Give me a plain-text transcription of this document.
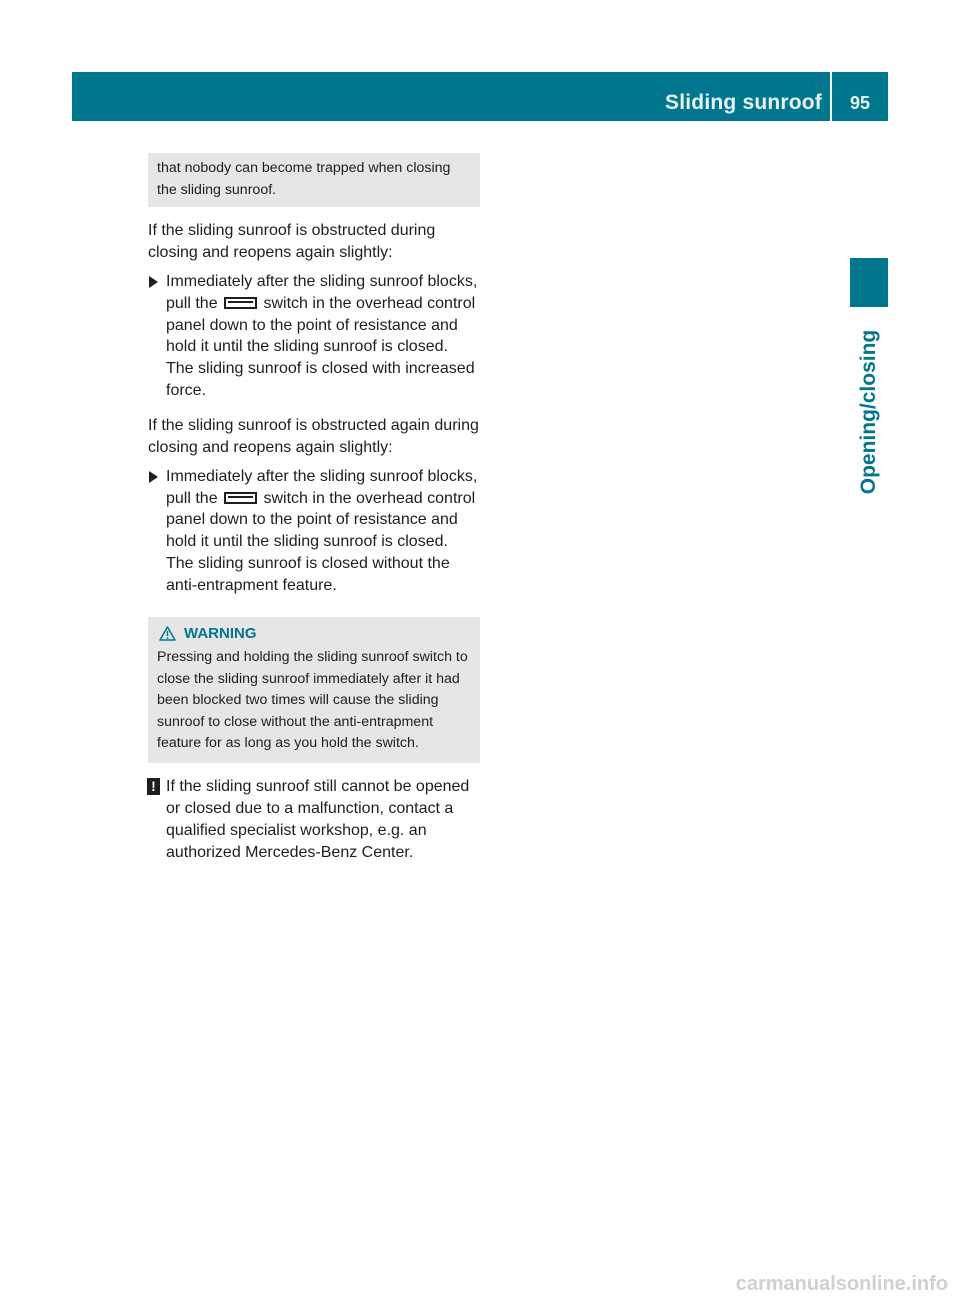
Sliding sunroof 95
Opening/closing
that nobody can become trapped when closing the sliding sunroof.
If the sliding sunroof is obstructed during closing and reopens again slightly:
Immediately after the sliding sunroof blocks, pull the	switch in the overhead control panel down to the point of resistance and hold it until the sliding sunroof is closed.
The sliding sunroof is closed with increased force.
If the sliding sunroof is obstructed again during closing and reopens again slightly:
Immediately after the sliding sunroof blocks, pull the	switch in the overhead control panel down to the point of resistance and hold it until the sliding sunroof is closed.
The sliding sunroof is closed without the anti-entrapment feature.
WARNING
Pressing and holding the sliding sunroof switch to close the sliding sunroof immediately after it had been blocked two times will cause the sliding sunroof to close without the anti-entrapment feature for as long as you hold the switch.
! If the sliding sunroof still cannot be opened or closed due to a malfunction, contact a qualified specialist workshop, e.g. an authorized Mercedes-Benz Center.
carmanualsonline.info
